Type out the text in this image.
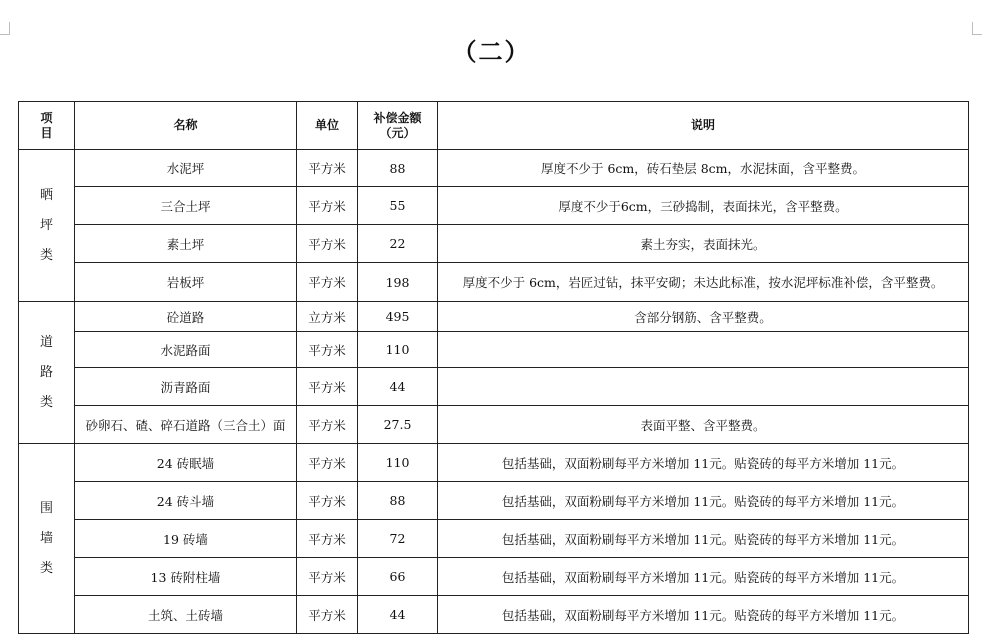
（二）
项目	名称	单位	补偿金额（元）	说明
晒坪类	水泥坪	平方米	88	厚度不少于 6cm，砖石垫层 8cm，水泥抹面，含平整费。
	三合土坪	平方米	55	厚度不少于6cm，三砂捣制，表面抹光，含平整费。
	素土坪	平方米	22	素土夯实，表面抹光。
	岩板坪	平方米	198	厚度不少于 6cm，岩匠过钻，抹平安砌；未达此标准，按水泥坪标准补偿，含平整费。
道路类	砼道路	立方米	495	含部分钢筋、含平整费。
	水泥路面	平方米	110	
	沥青路面	平方米	44	
	砂卵石、碴、碎石道路（三合土）面	平方米	27.5	表面平整、含平整费。
围墙类	24 砖眠墙	平方米	110	包括基础，双面粉刷每平方米增加 11元。贴瓷砖的每平方米增加 11元。
	24 砖斗墙	平方米	88	包括基础，双面粉刷每平方米增加 11元。贴瓷砖的每平方米增加 11元。
	19 砖墙	平方米	72	包括基础，双面粉刷每平方米增加 11元。贴瓷砖的每平方米增加 11元。
	13 砖附柱墙	平方米	66	包括基础，双面粉刷每平方米增加 11元。贴瓷砖的每平方米增加 11元。
	土筑、土砖墙	平方米	44	包括基础，双面粉刷每平方米增加 11元。贴瓷砖的每平方米增加 11元。
